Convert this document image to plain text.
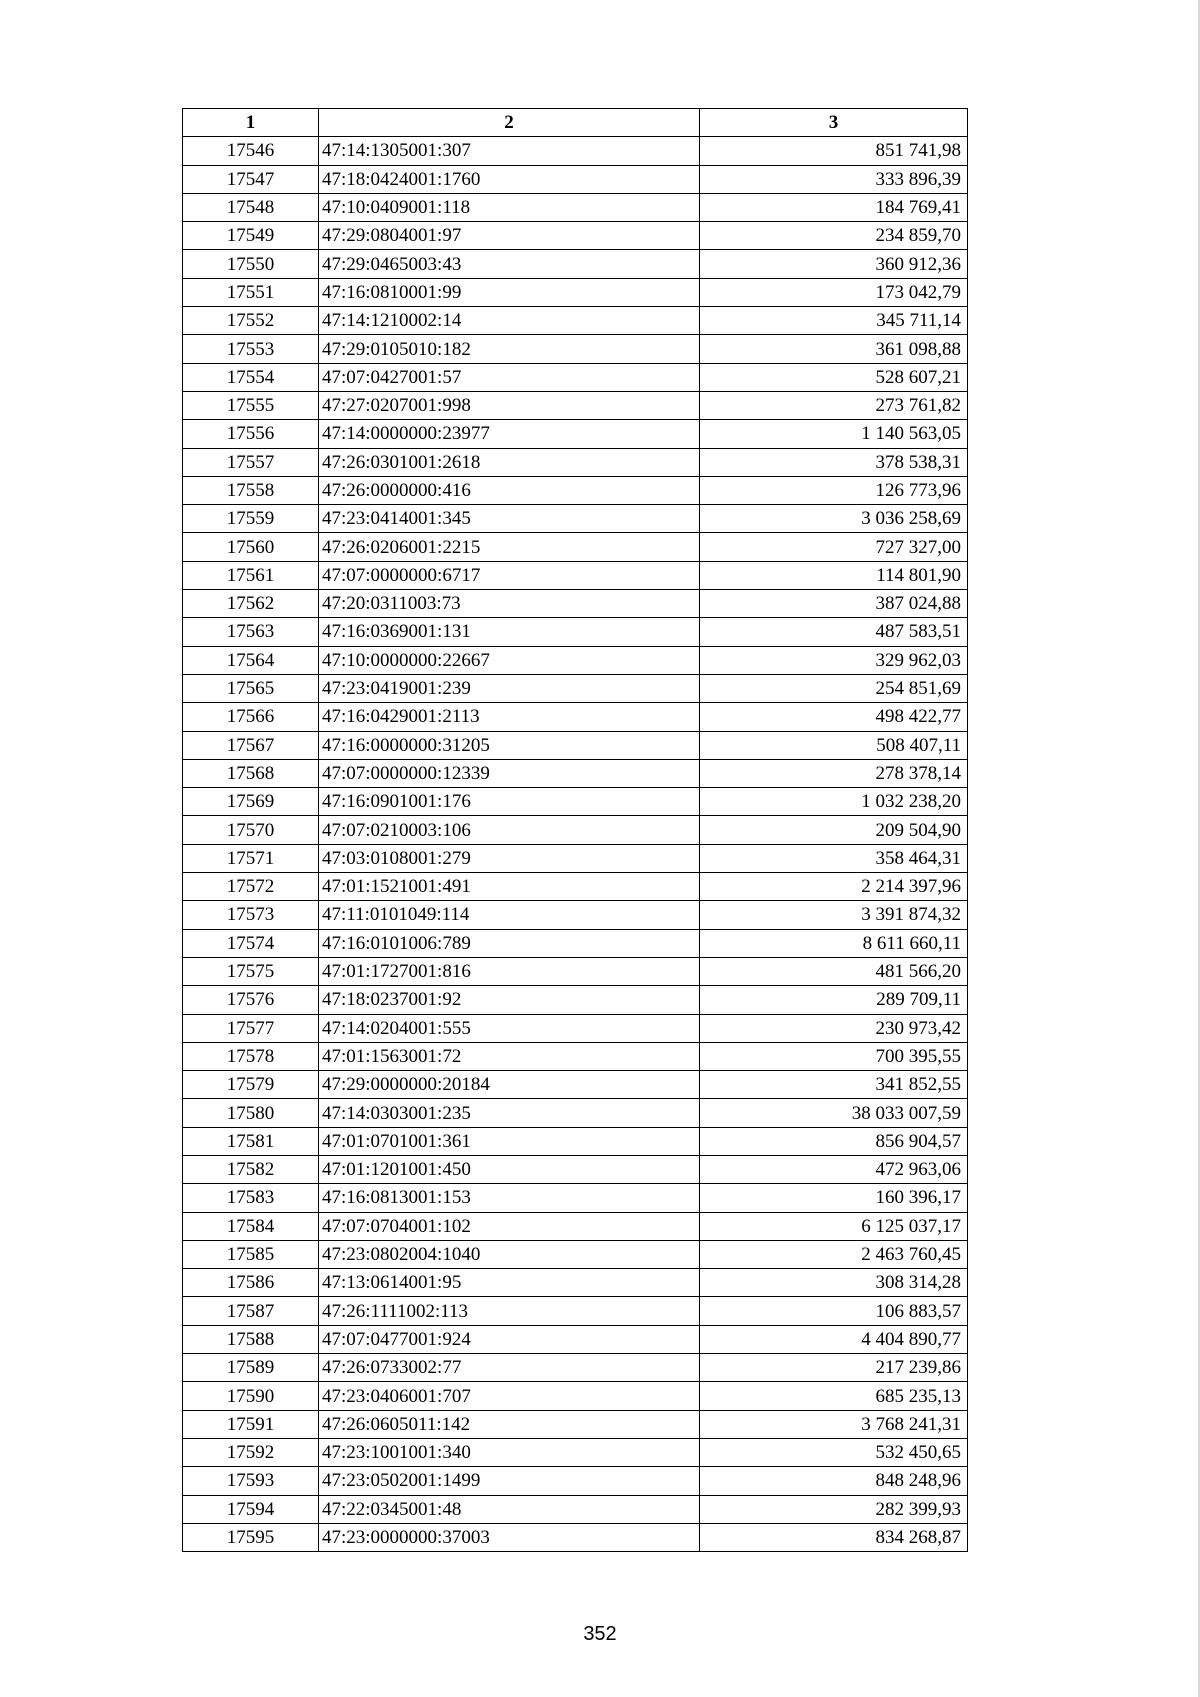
1	2	3
17546	47:14:1305001:307	851 741,98
17547	47:18:0424001:1760	333 896,39
17548	47:10:0409001:118	184 769,41
17549	47:29:0804001:97	234 859,70
17550	47:29:0465003:43	360 912,36
17551	47:16:0810001:99	173 042,79
17552	47:14:1210002:14	345 711,14
17553	47:29:0105010:182	361 098,88
17554	47:07:0427001:57	528 607,21
17555	47:27:0207001:998	273 761,82
17556	47:14:0000000:23977	1 140 563,05
17557	47:26:0301001:2618	378 538,31
17558	47:26:0000000:416	126 773,96
17559	47:23:0414001:345	3 036 258,69
17560	47:26:0206001:2215	727 327,00
17561	47:07:0000000:6717	114 801,90
17562	47:20:0311003:73	387 024,88
17563	47:16:0369001:131	487 583,51
17564	47:10:0000000:22667	329 962,03
17565	47:23:0419001:239	254 851,69
17566	47:16:0429001:2113	498 422,77
17567	47:16:0000000:31205	508 407,11
17568	47:07:0000000:12339	278 378,14
17569	47:16:0901001:176	1 032 238,20
17570	47:07:0210003:106	209 504,90
17571	47:03:0108001:279	358 464,31
17572	47:01:1521001:491	2 214 397,96
17573	47:11:0101049:114	3 391 874,32
17574	47:16:0101006:789	8 611 660,11
17575	47:01:1727001:816	481 566,20
17576	47:18:0237001:92	289 709,11
17577	47:14:0204001:555	230 973,42
17578	47:01:1563001:72	700 395,55
17579	47:29:0000000:20184	341 852,55
17580	47:14:0303001:235	38 033 007,59
17581	47:01:0701001:361	856 904,57
17582	47:01:1201001:450	472 963,06
17583	47:16:0813001:153	160 396,17
17584	47:07:0704001:102	6 125 037,17
17585	47:23:0802004:1040	2 463 760,45
17586	47:13:0614001:95	308 314,28
17587	47:26:1111002:113	106 883,57
17588	47:07:0477001:924	4 404 890,77
17589	47:26:0733002:77	217 239,86
17590	47:23:0406001:707	685 235,13
17591	47:26:0605011:142	3 768 241,31
17592	47:23:1001001:340	532 450,65
17593	47:23:0502001:1499	848 248,96
17594	47:22:0345001:48	282 399,93
17595	47:23:0000000:37003	834 268,87
352
